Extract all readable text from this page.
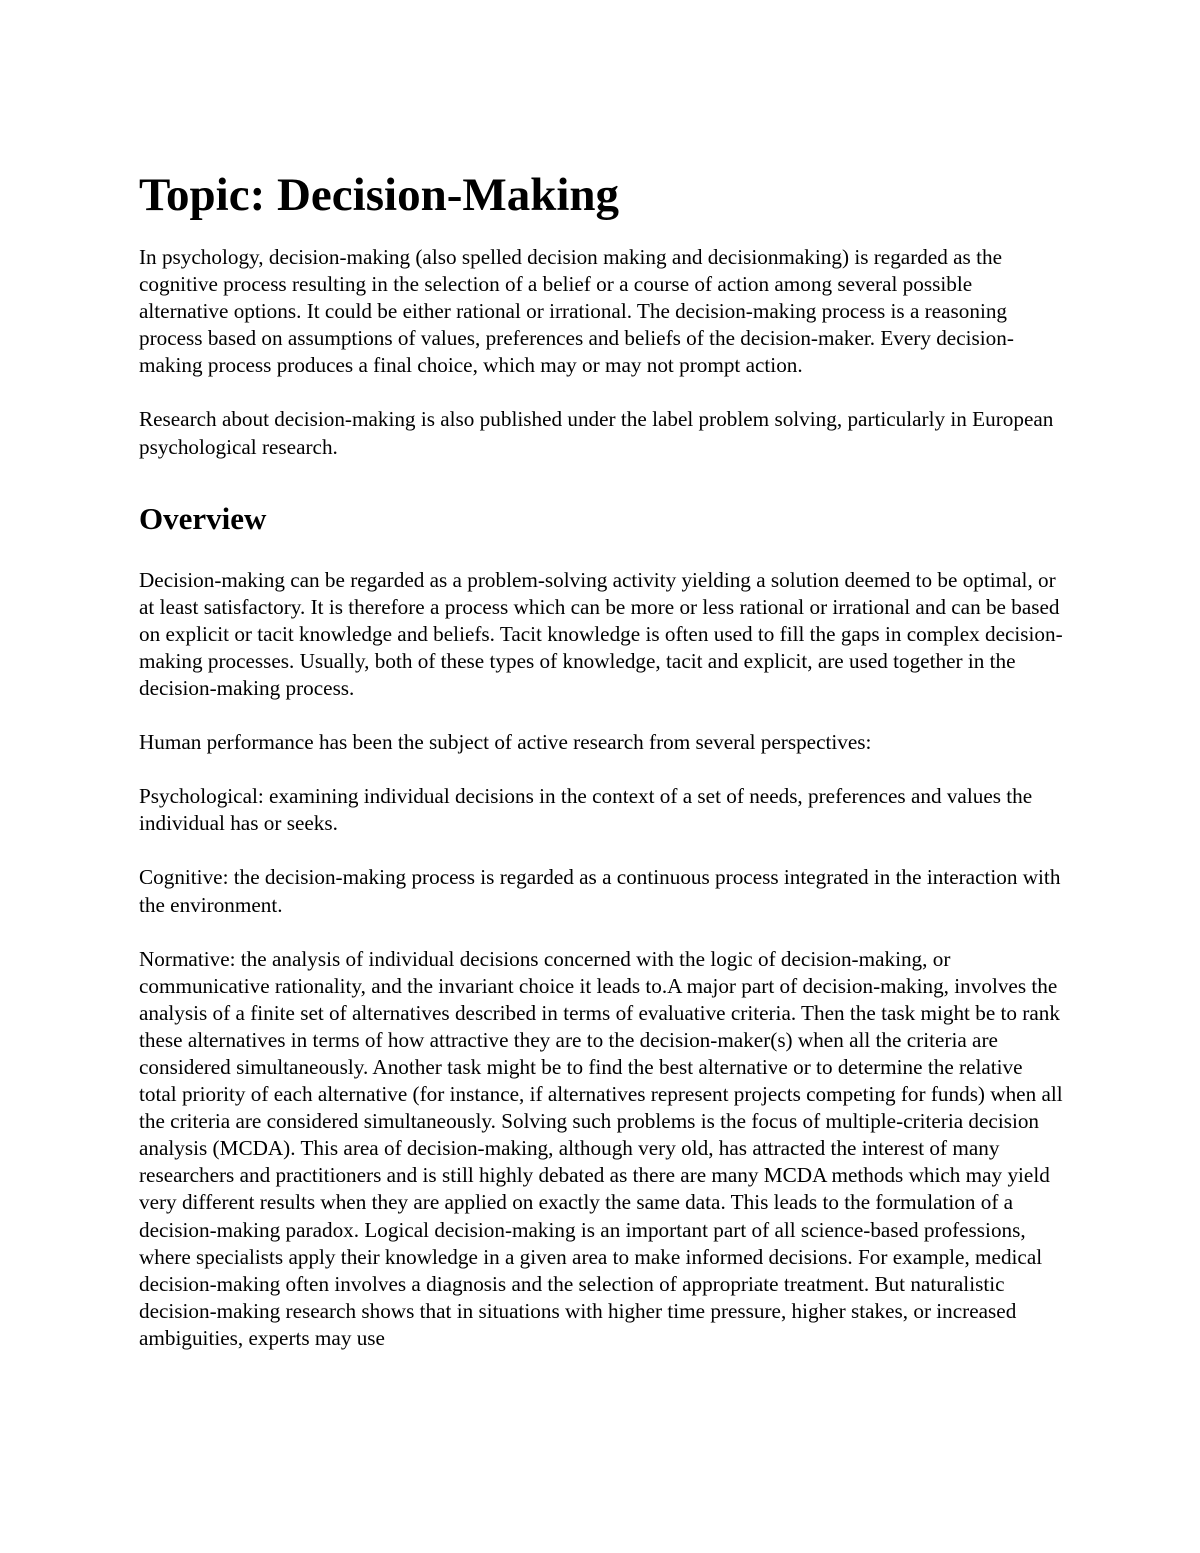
Topic: Decision-Making

In psychology, decision-making (also spelled decision making and decisionmaking) is regarded as the cognitive process resulting in the selection of a belief or a course of action among several possible alternative options. It could be either rational or irrational. The decision-making process is a reasoning process based on assumptions of values, preferences and beliefs of the decision-maker. Every decision-making process produces a final choice, which may or may not prompt action.

Research about decision-making is also published under the label problem solving, particularly in European psychological research.

Overview

Decision-making can be regarded as a problem-solving activity yielding a solution deemed to be optimal, or at least satisfactory. It is therefore a process which can be more or less rational or irrational and can be based on explicit or tacit knowledge and beliefs. Tacit knowledge is often used to fill the gaps in complex decision-making processes. Usually, both of these types of knowledge, tacit and explicit, are used together in the decision-making process.

Human performance has been the subject of active research from several perspectives:

Psychological: examining individual decisions in the context of a set of needs, preferences and values the individual has or seeks.

Cognitive: the decision-making process is regarded as a continuous process integrated in the interaction with the environment.

Normative: the analysis of individual decisions concerned with the logic of decision-making, or communicative rationality, and the invariant choice it leads to.A major part of decision-making, involves the analysis of a finite set of alternatives described in terms of evaluative criteria. Then the task might be to rank these alternatives in terms of how attractive they are to the decision-maker(s) when all the criteria are considered simultaneously. Another task might be to find the best alternative or to determine the relative total priority of each alternative (for instance, if alternatives represent projects competing for funds) when all the criteria are considered simultaneously. Solving such problems is the focus of multiple-criteria decision analysis (MCDA). This area of decision-making, although very old, has attracted the interest of many researchers and practitioners and is still highly debated as there are many MCDA methods which may yield very different results when they are applied on exactly the same data. This leads to the formulation of a decision-making paradox. Logical decision-making is an important part of all science-based professions, where specialists apply their knowledge in a given area to make informed decisions. For example, medical decision-making often involves a diagnosis and the selection of appropriate treatment. But naturalistic decision-making research shows that in situations with higher time pressure, higher stakes, or increased ambiguities, experts may use
